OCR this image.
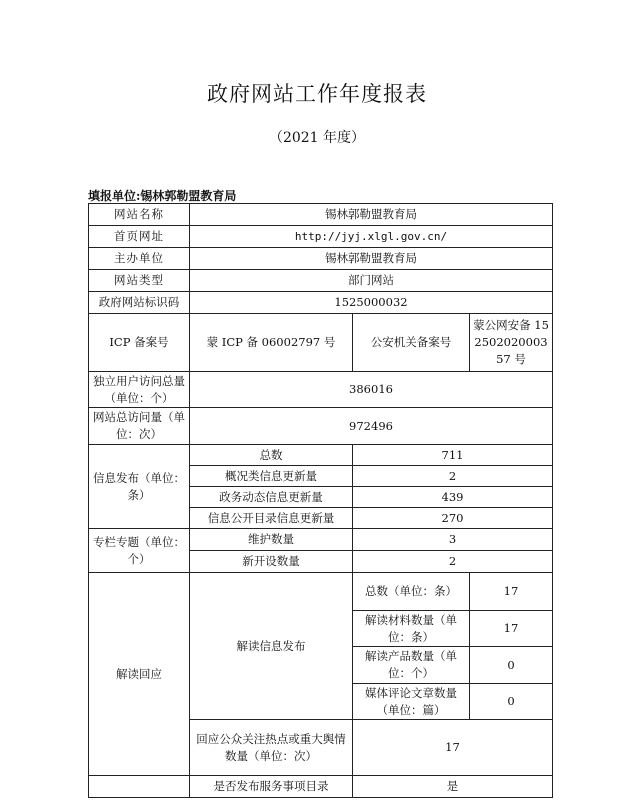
政府网站工作年度报表
（2021 年度）
填报单位:锡林郭勒盟教育局
网站名称	锡林郭勒盟教育局		
首页网址	http://jyj.xlgl.gov.cn/		
主办单位	锡林郭勒盟教育局		
网站类型	部门网站		
政府网站标识码	1525000032		
ICP 备案号	蒙 ICP 备 06002797 号	公安机关备案号	蒙公网安备 15250202000357 号
独立用户访问总量（单位：个）	386016		
网站总访问量（单位：次）	972496		
信息发布（单位：条）	总数	711	
	概况类信息更新量	2	
	政务动态信息更新量	439	
	信息公开目录信息更新量	270	
专栏专题（单位：个）	维护数量	3	
	新开设数量	2	
解读回应	解读信息发布	总数（单位：条）	17
		解读材料数量（单位：条）	17
		解读产品数量（单位：个）	0
		媒体评论文章数量（单位：篇）	0
	回应公众关注热点或重大舆情数量（单位：次）	17	
	是否发布服务事项目录	是	
